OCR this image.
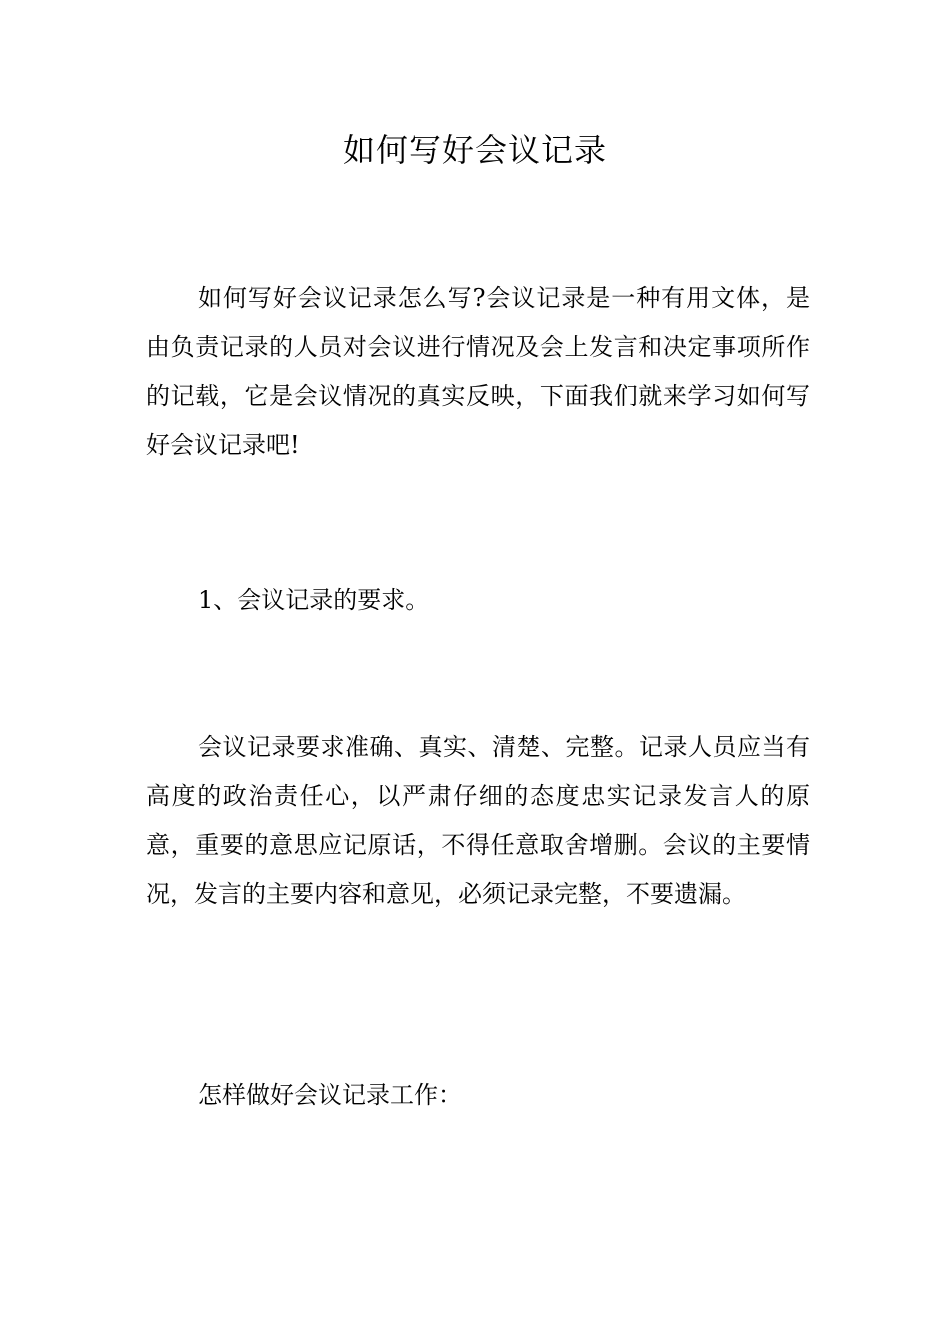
如何写好会议记录

如何写好会议记录怎么写?会议记录是一种有用文体，是由负责记录的人员对会议进行情况及会上发言和决定事项所作的记载，它是会议情况的真实反映，下面我们就来学习如何写好会议记录吧!

1、会议记录的要求。

会议记录要求准确、真实、清楚、完整。记录人员应当有高度的政治责任心，以严肃仔细的态度忠实记录发言人的原意，重要的意思应记原话，不得任意取舍增删。会议的主要情况，发言的主要内容和意见，必须记录完整，不要遗漏。

怎样做好会议记录工作：
